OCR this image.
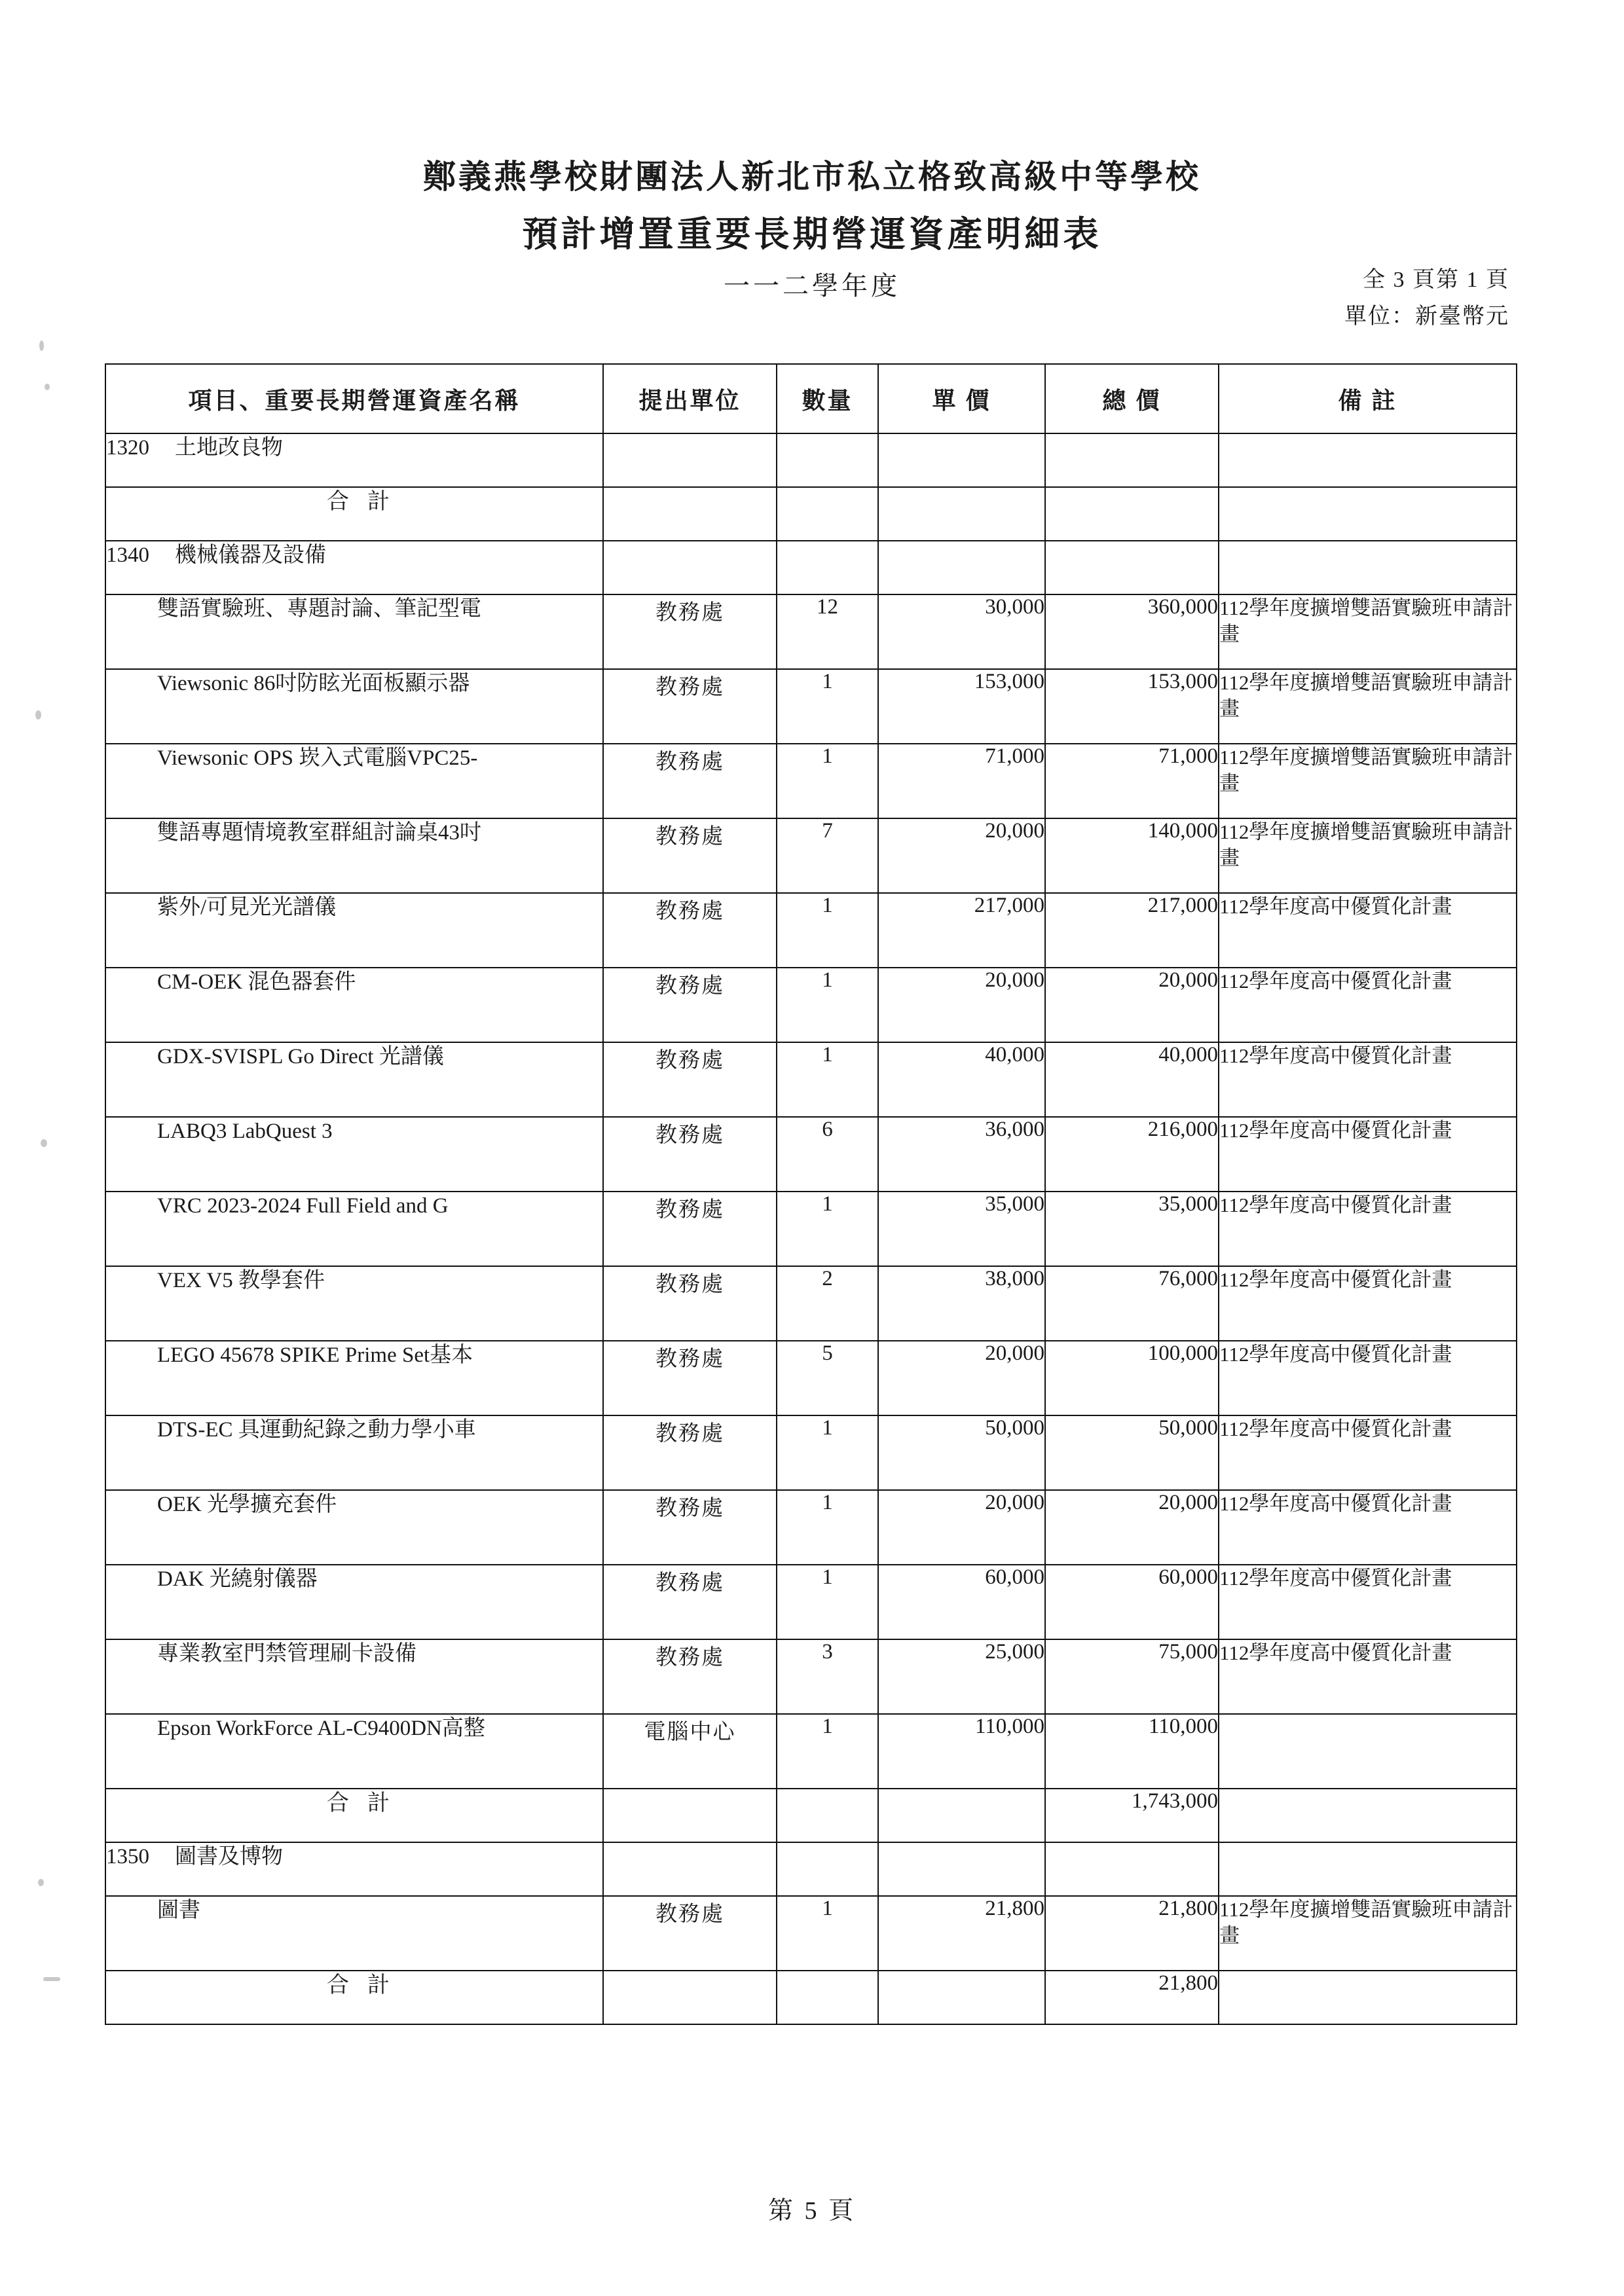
鄭義燕學校財團法人新北市私立格致高級中等學校
預計增置重要長期營運資產明細表
一一二學年度	全 3 頁第 1 頁
單位：新臺幣元
項目、重要長期營運資產名稱	提出單位	數量	單 價	總 價	備 註
1320 土地改良物					

合計					

1340 機械儀器及設備					
雙語實驗班、專題討論、筆記型電	教務處	12	30,000	360,000	112學年度擴增雙語實驗班申請計畫
Viewsonic 86吋防眩光面板顯示器	教務處	1	153,000	153,000	112學年度擴增雙語實驗班申請計畫
Viewsonic OPS 崁入式電腦VPC25-	教務處	1	71,000	71,000	112學年度擴增雙語實驗班申請計畫
雙語專題情境教室群組討論桌43吋	教務處	7	20,000	140,000	112學年度擴增雙語實驗班申請計畫
紫外/可見光光譜儀	教務處	1	217,000	217,000	112學年度高中優質化計畫
CM-OEK 混色器套件	教務處	1	20,000	20,000	112學年度高中優質化計畫
GDX-SVISPL Go Direct 光譜儀	教務處	1	40,000	40,000	112學年度高中優質化計畫
LABQ3 LabQuest 3	教務處	6	36,000	216,000	112學年度高中優質化計畫
VRC 2023-2024 Full Field and G	教務處	1	35,000	35,000	112學年度高中優質化計畫
VEX V5 教學套件	教務處	2	38,000	76,000	112學年度高中優質化計畫
LEGO 45678 SPIKE Prime Set基本	教務處	5	20,000	100,000	112學年度高中優質化計畫
DTS-EC 具運動紀錄之動力學小車	教務處	1	50,000	50,000	112學年度高中優質化計畫
OEK 光學擴充套件	教務處	1	20,000	20,000	112學年度高中優質化計畫
DAK 光繞射儀器	教務處	1	60,000	60,000	112學年度高中優質化計畫
專業教室門禁管理刷卡設備	教務處	3	25,000	75,000	112學年度高中優質化計畫
Epson WorkForce AL-C9400DN高整	電腦中心	1	110,000	110,000	

合計				1,743,000	
1350 圖書及博物					
圖書	教務處	1	21,800	21,800	112學年度擴增雙語實驗班申請計畫

合計				21,800	
第 5 頁
